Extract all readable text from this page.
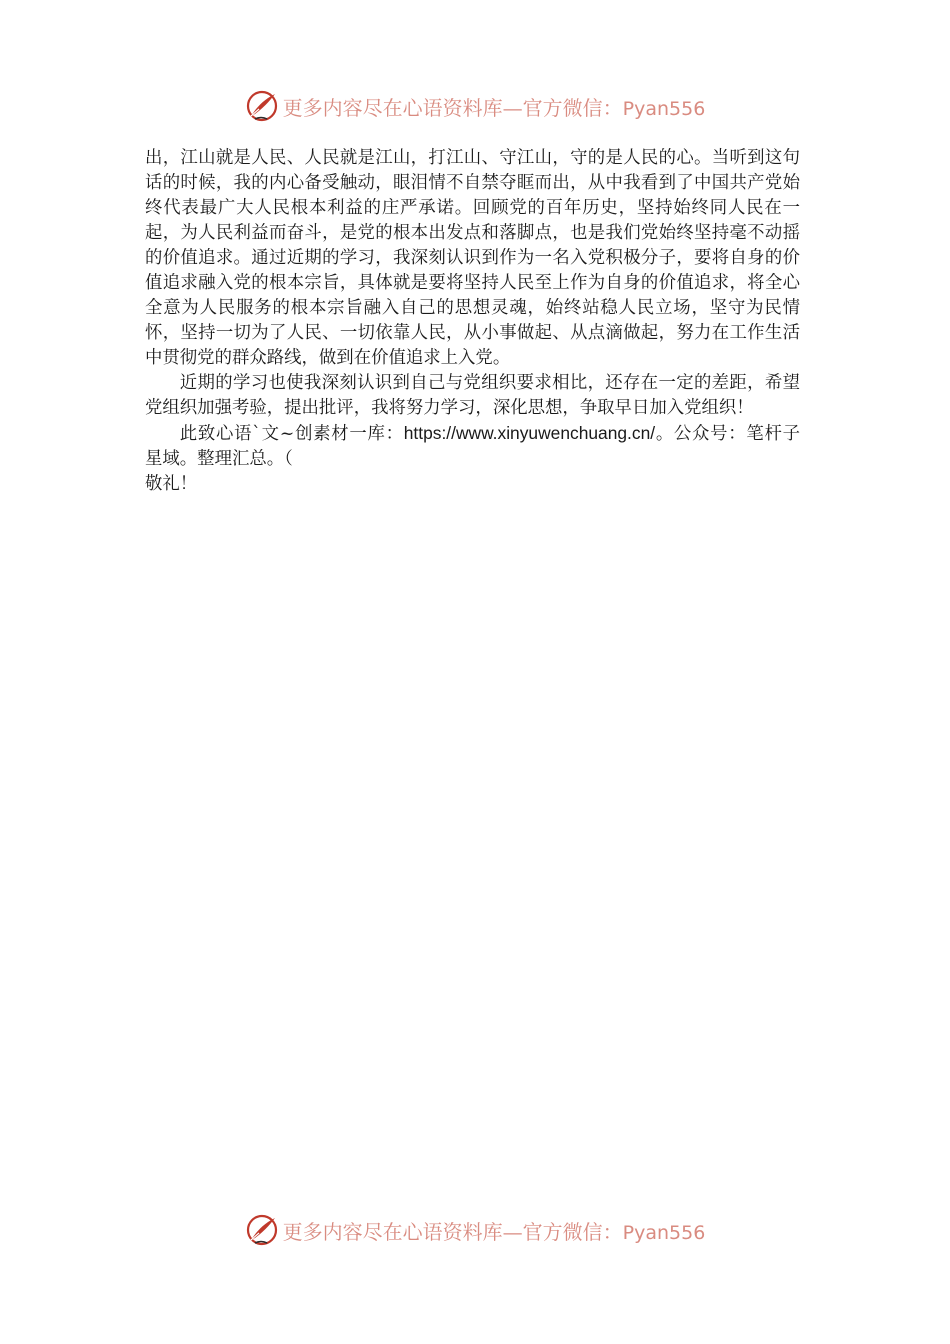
更多内容尽在心语资料库—官方微信：Pyan556

出，江山就是人民、人民就是江山，打江山、守江山，守的是人民的心。当听到这句话的时候，我的内心备受触动，眼泪情不自禁夺眶而出，从中我看到了中国共产党始终代表最广大人民根本利益的庄严承诺。回顾党的百年历史，坚持始终同人民在一起，为人民利益而奋斗，是党的根本出发点和落脚点，也是我们党始终坚持毫不动摇的价值追求。通过近期的学习，我深刻认识到作为一名入党积极分子，要将自身的价值追求融入党的根本宗旨，具体就是要将坚持人民至上作为自身的价值追求，将全心全意为人民服务的根本宗旨融入自己的思想灵魂，始终站稳人民立场，坚守为民情怀，坚持一切为了人民、一切依靠人民，从小事做起、从点滴做起，努力在工作生活中贯彻党的群众路线，做到在价值追求上入党。

近期的学习也使我深刻认识到自己与党组织要求相比，还存在一定的差距，希望党组织加强考验，提出批评，我将努力学习，深化思想，争取早日加入党组织！

此致心语`文~创素材一库：https://www.xinyuwenchuang.cn/。公众号：笔杆子星域。整理汇总。（

敬礼！

更多内容尽在心语资料库—官方微信：Pyan556
